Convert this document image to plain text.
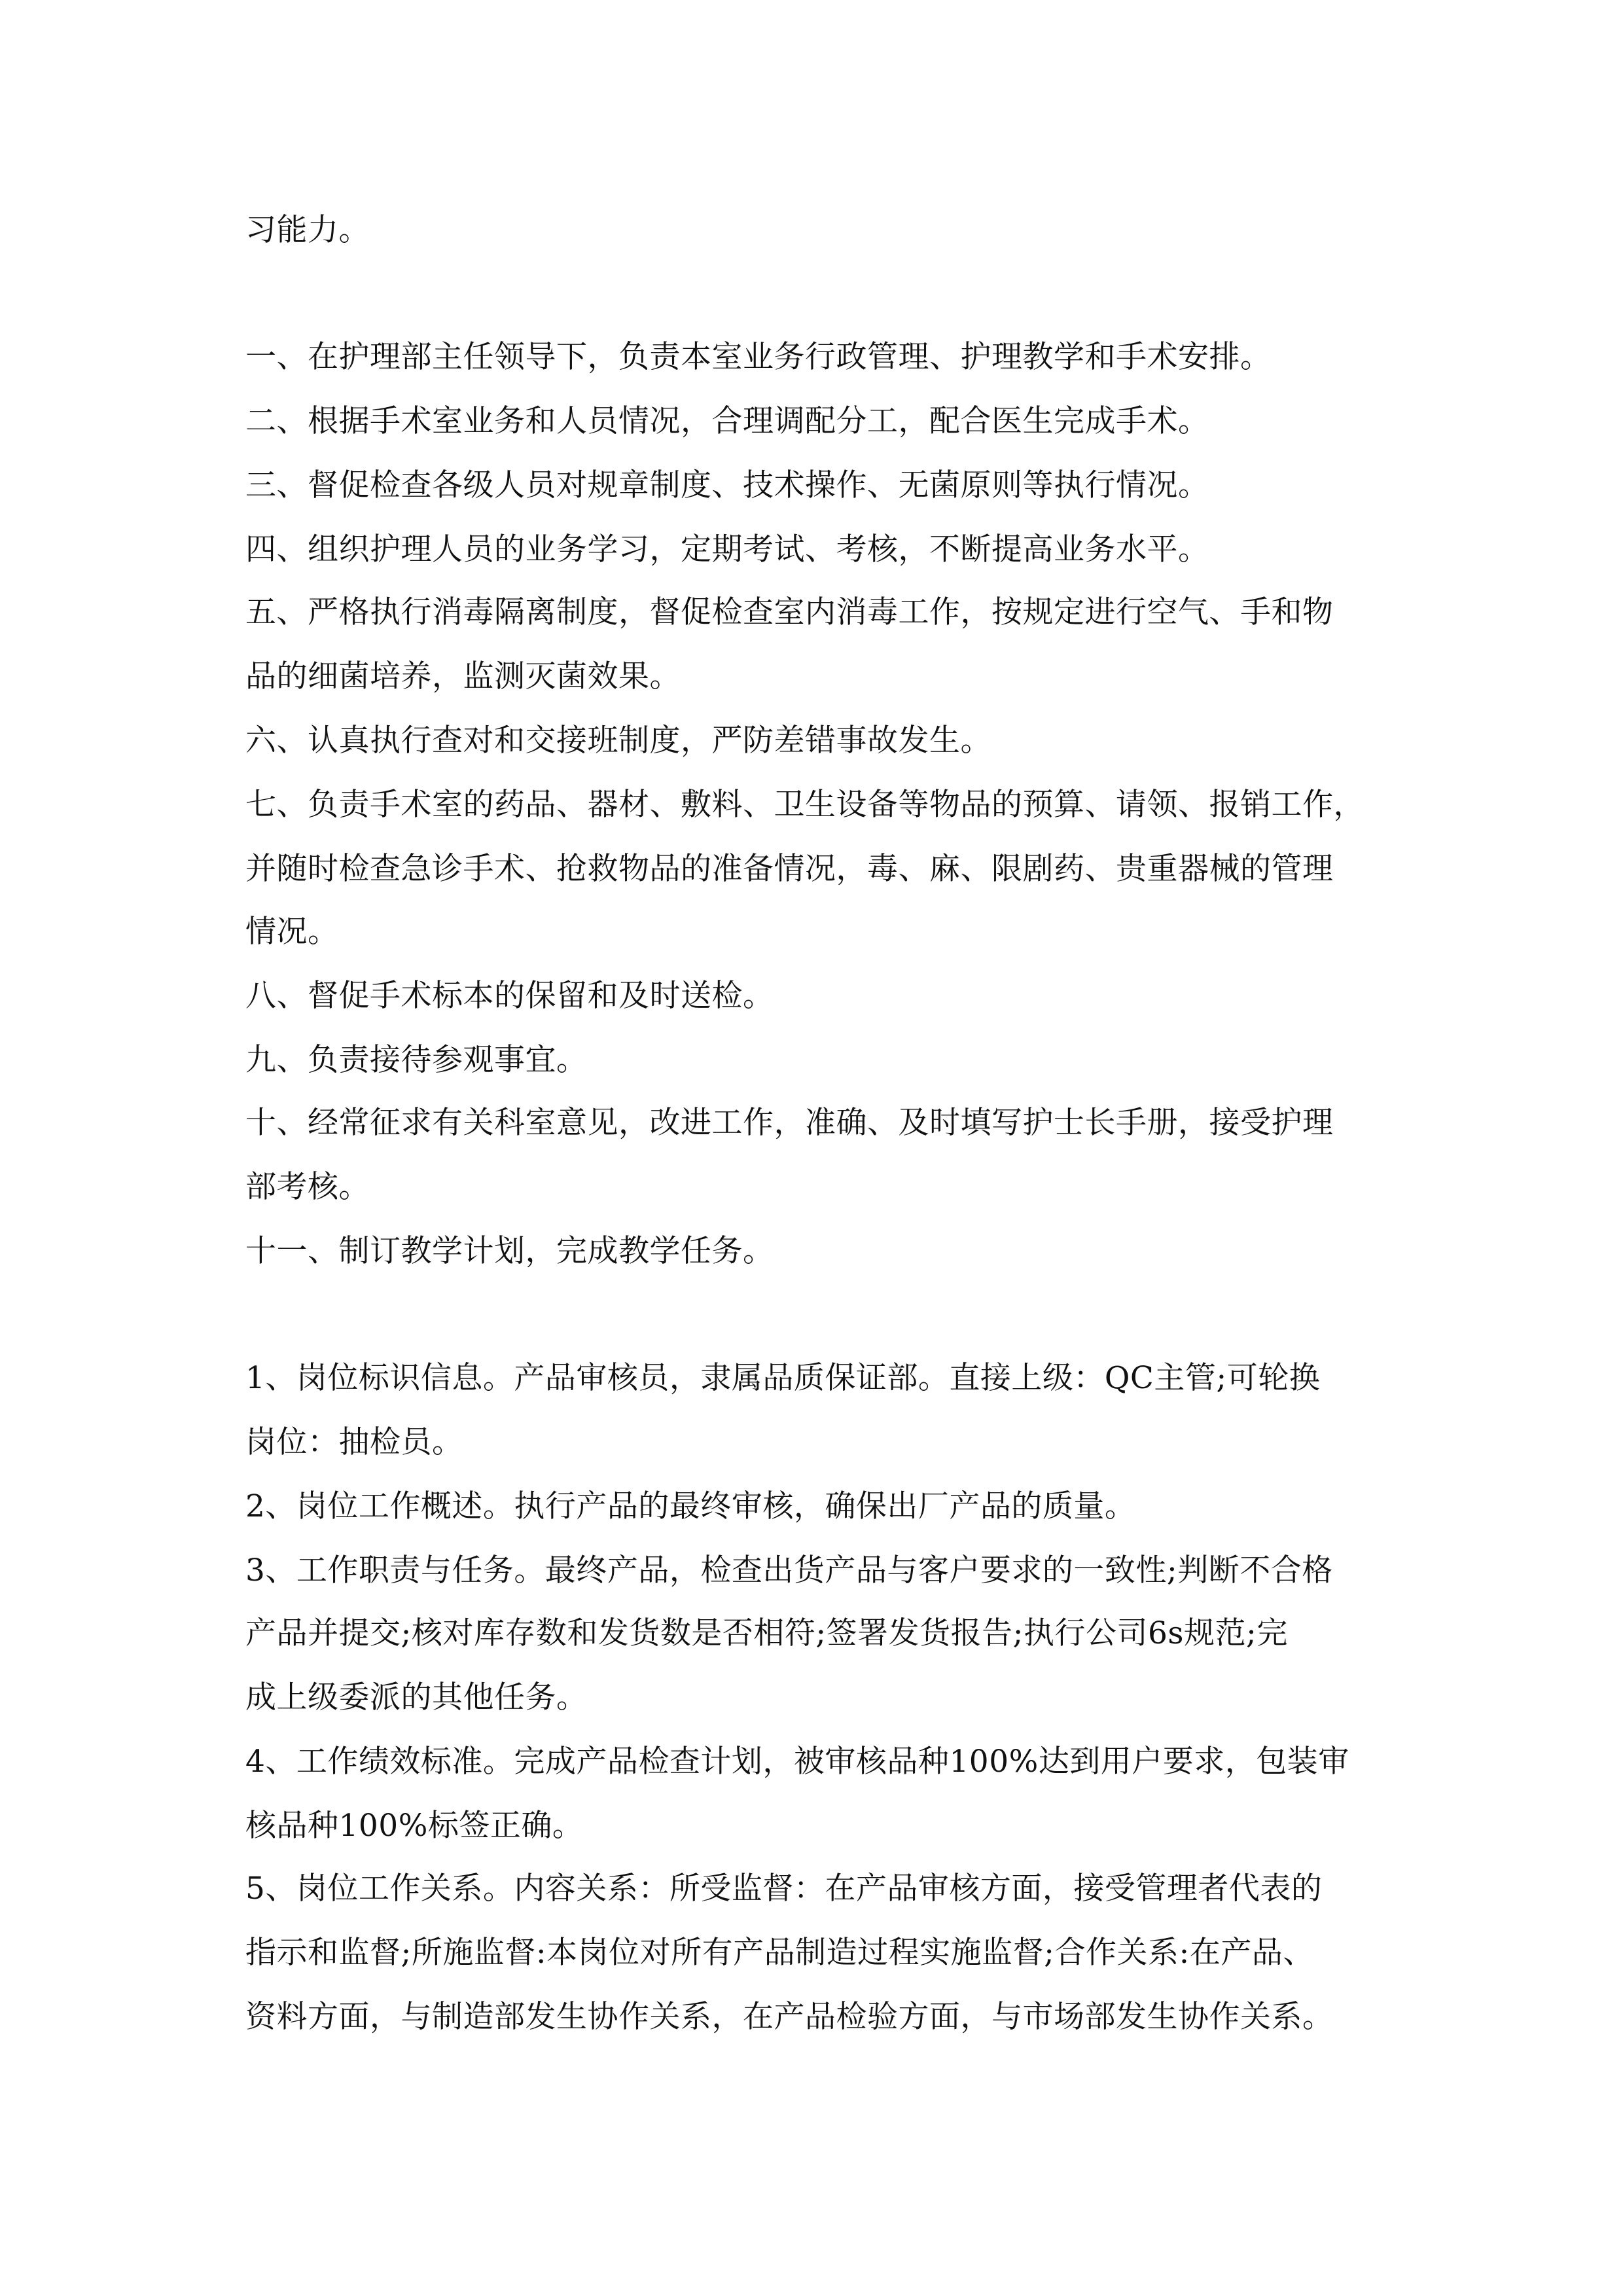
习能力。
一、在护理部主任领导下，负责本室业务行政管理、护理教学和手术安排。
二、根据手术室业务和人员情况，合理调配分工，配合医生完成手术。
三、督促检查各级人员对规章制度、技术操作、无菌原则等执行情况。
四、组织护理人员的业务学习，定期考试、考核，不断提高业务水平。
五、严格执行消毒隔离制度，督促检查室内消毒工作，按规定进行空气、手和物
品的细菌培养，监测灭菌效果。
六、认真执行查对和交接班制度，严防差错事故发生。
七、负责手术室的药品、器材、敷料、卫生设备等物品的预算、请领、报销工作，
并随时检查急诊手术、抢救物品的准备情况，毒、麻、限剧药、贵重器械的管理
情况。
八、督促手术标本的保留和及时送检。
九、负责接待参观事宜。
十、经常征求有关科室意见，改进工作，准确、及时填写护士长手册，接受护理
部考核。
十一、制订教学计划，完成教学任务。
1、岗位标识信息。产品审核员，隶属品质保证部。直接上级：QC主管;可轮换
岗位：抽检员。
2、岗位工作概述。执行产品的最终审核，确保出厂产品的质量。
3、工作职责与任务。最终产品，检查出货产品与客户要求的一致性;判断不合格
产品并提交;核对库存数和发货数是否相符;签署发货报告;执行公司6s规范;完
成上级委派的其他任务。
4、工作绩效标准。完成产品检查计划，被审核品种100%达到用户要求，包装审
核品种100%标签正确。
5、岗位工作关系。内容关系：所受监督：在产品审核方面，接受管理者代表的
指示和监督;所施监督:本岗位对所有产品制造过程实施监督;合作关系:在产品、
资料方面，与制造部发生协作关系，在产品检验方面，与市场部发生协作关系。
